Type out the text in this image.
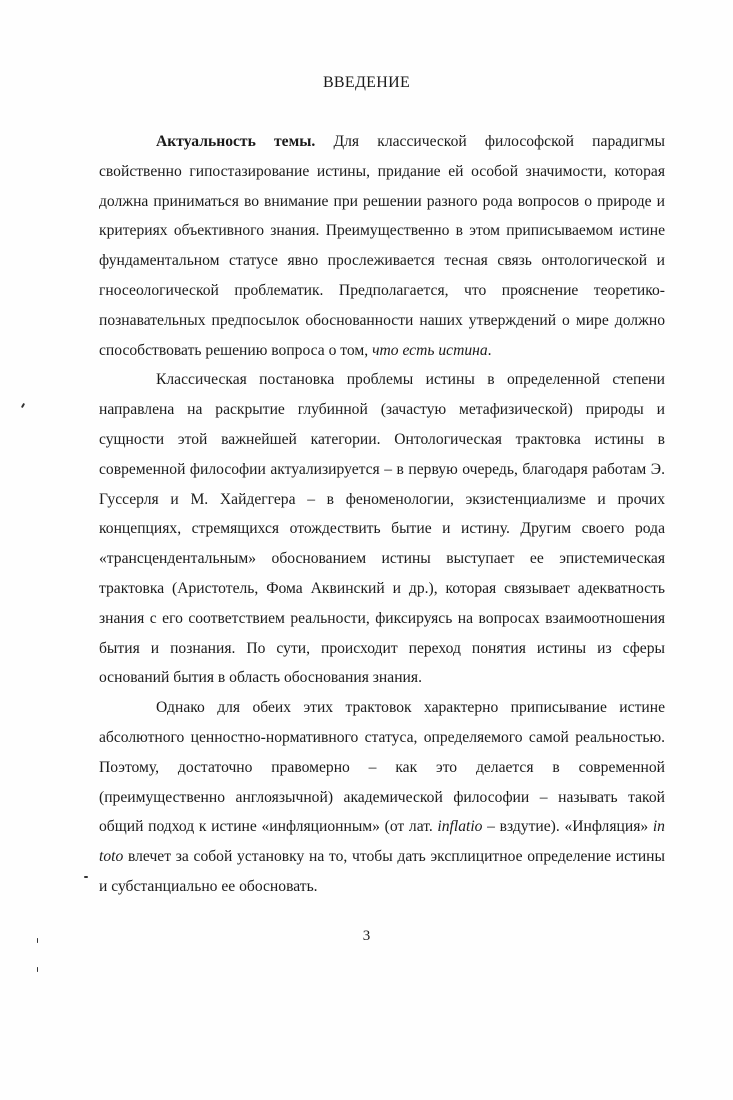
ВВЕДЕНИЕ

Актуальность темы. Для классической философской парадигмы свойственно гипостазирование истины, придание ей особой значимости, которая должна приниматься во внимание при решении разного рода вопросов о природе и критериях объективного знания. Преимущественно в этом приписываемом истине фундаментальном статусе явно прослеживается тесная связь онтологической и гносеологической проблематик. Предполагается, что прояснение теоретико-познавательных предпосылок обоснованности наших утверждений о мире должно способствовать решению вопроса о том, что есть истина.

Классическая постановка проблемы истины в определенной степени направлена на раскрытие глубинной (зачастую метафизической) природы и сущности этой важнейшей категории. Онтологическая трактовка истины в современной философии актуализируется – в первую очередь, благодаря работам Э. Гуссерля и М. Хайдеггера – в феноменологии, экзистенциализме и прочих концепциях, стремящихся отождествить бытие и истину. Другим своего рода «трансцендентальным» обоснованием истины выступает ее эпистемическая трактовка (Аристотель, Фома Аквинский и др.), которая связывает адекватность знания с его соответствием реальности, фиксируясь на вопросах взаимоотношения бытия и познания. По сути, происходит переход понятия истины из сферы оснований бытия в область обоснования знания.

Однако для обеих этих трактовок характерно приписывание истине абсолютного ценностно-нормативного статуса, определяемого самой реальностью. Поэтому, достаточно правомерно – как это делается в современной (преимущественно англоязычной) академической философии – называть такой общий подход к истине «инфляционным» (от лат. inflatio – вздутие). «Инфляция» in toto влечет за собой установку на то, чтобы дать эксплицитное определение истины и субстанциально ее обосновать.

3
